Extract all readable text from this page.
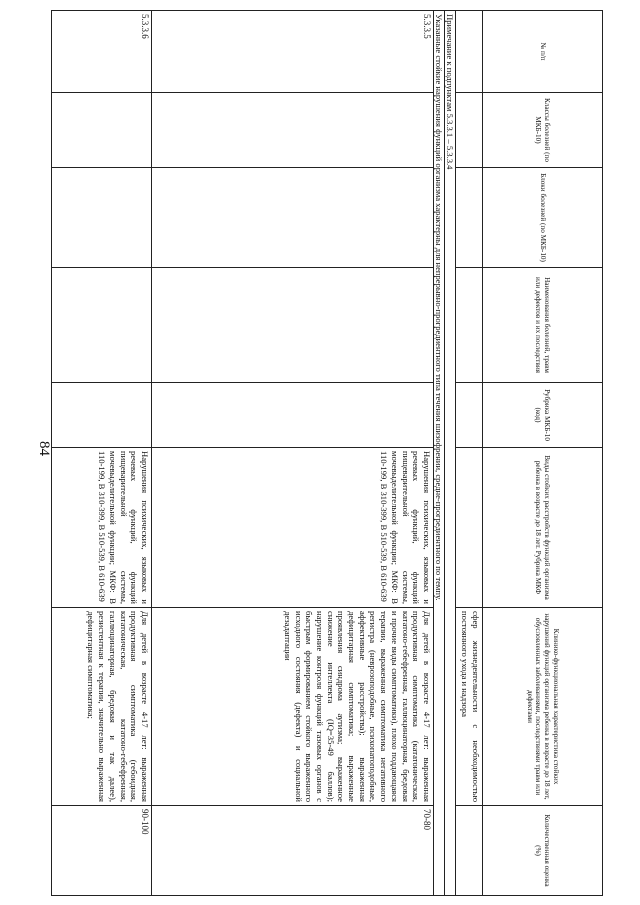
84
№ п/п	Классы болезней (по МКБ-10)	Блоки болезней (по МКБ-10)	Наименования болезней, травм или дефектов и их последствия	Рубрика МКБ-10 (код)	Виды стойких расстройств функций организма ребенка в возрасте до 18 лет. Рубрика МКФ	Клинико-функциональная характеристика стойких нарушений функций организма ребенка в возрасте до 18 лет, обусловленных заболеваниями, последствиями травм или дефектами	Количественная оценка (%)
						сфер жизнедеятельности с необходимостью постоянного ухода и надзора	
Примечание к подпунктам 5.3.3.1 – 5.3.3.4							
Указанные стойкие нарушения функций организма характерны для непрерывно-прогредиентного типа течения шизофрении, средне-прогредиентного по темпу.							
5.3.3.5					Нарушения психических, языковых и речевых функций, функций пищеварительной системы, мочевыделительной функции; МКФ: В 110-199, В 310-399, В 510-539, В 610-639	Для детей в возрасте 4-17 лет: выраженная продуктивная симптоматика (кататоническая, кататоно-гебефренная, галлюцинаторная, бредовая и прочие виды симптоматики), плохо поддающаяся терапии, выраженная симптоматика негативного регистра (неврозоподобные, психопатоподобные, аффективные расстройства); выраженная дефицитарная симптоматика; выраженные проявления синдрома аутизма; выраженное снижение интеллекта (IQ=35-49 баллов); нарушение контроля функций тазовых органов с быстрым формированием стойкого выраженного исходного состояния (дефекта) и социальной дезадаптации	70-80
5.3.3.6					Нарушения психических, языковых и речевых функций, функций пищеварительной системы, мочевыделительной функции; МКФ: В 110-199, В 310-399, В 510-539, В 610-639	Для детей в возрасте 4-17 лет: выраженная продуктивная симптоматика (гебоидная, кататоническая, кататоно-гебефренная, галлюцинаторная, бредовая и так далее), резистентная к терапии, значительно выраженная дефицитарная симптоматика;	90-100
